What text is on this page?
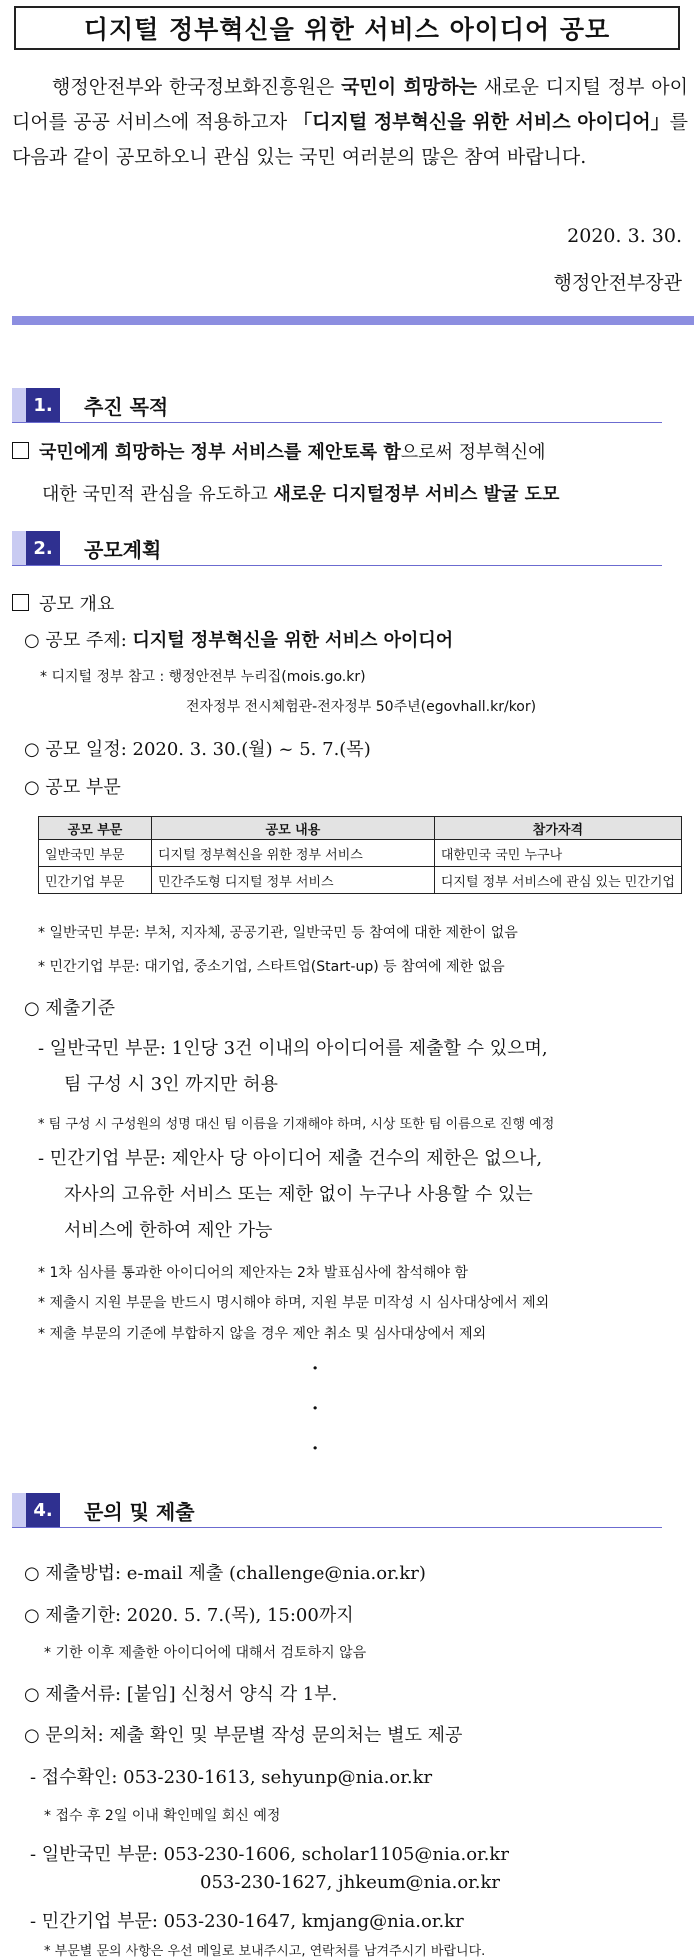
디지털 정부혁신을 위한 서비스 아이디어 공모

행정안전부와 한국정보화진흥원은 국민이 희망하는 새로운 디지털 정부 아이디어를 공공 서비스에 적용하고자 「디지털 정부혁신을 위한 서비스 아이디어」를 다음과 같이 공모하오니 관심 있는 국민 여러분의 많은 참여 바랍니다.

2020. 3. 30.
행정안전부장관
1.	추진 목적
국민에게 희망하는 정부 서비스를 제안토록 함으로써 정부혁신에
대한 국민적 관심을 유도하고 새로운 디지털정부 서비스 발굴 도모
2.	공모계획
공모 개요
○ 공모 주제: 디지털 정부혁신을 위한 서비스 아이디어
* 디지털 정부 참고 : 행정안전부 누리집(mois.go.kr)
전자정부 전시체험관-전자정부 50주년(egovhall.kr/kor)
○ 공모 일정: 2020. 3. 30.(월) ~ 5. 7.(목)
○ 공모 부문
공모 부문	공모 내용	참가자격
일반국민 부문	디지털 정부혁신을 위한 정부 서비스	대한민국 국민 누구나
민간기업 부문	민간주도형 디지털 정부 서비스	디지털 정부 서비스에 관심 있는 민간기업
* 일반국민 부문: 부처, 지자체, 공공기관, 일반국민 등 참여에 대한 제한이 없음
* 민간기업 부문: 대기업, 중소기업, 스타트업(Start-up) 등 참여에 제한 없음
○ 제출기준
- 일반국민 부문: 1인당 3건 이내의 아이디어를 제출할 수 있으며,
팀 구성 시 3인 까지만 허용
* 팀 구성 시 구성원의 성명 대신 팀 이름을 기재해야 하며, 시상 또한 팀 이름으로 진행 예정
- 민간기업 부문: 제안사 당 아이디어 제출 건수의 제한은 없으나,
자사의 고유한 서비스 또는 제한 없이 누구나 사용할 수 있는
서비스에 한하여 제안 가능
* 1차 심사를 통과한 아이디어의 제안자는 2차 발표심사에 참석해야 함
* 제출시 지원 부문을 반드시 명시해야 하며, 지원 부문 미작성 시 심사대상에서 제외
* 제출 부문의 기준에 부합하지 않을 경우 제안 취소 및 심사대상에서 제외
·
·
·
4.	문의 및 제출
○ 제출방법: e-mail 제출 (challenge@nia.or.kr)
○ 제출기한: 2020. 5. 7.(목), 15:00까지
* 기한 이후 제출한 아이디어에 대해서 검토하지 않음
○ 제출서류: [붙임] 신청서 양식 각 1부.
○ 문의처: 제출 확인 및 부문별 작성 문의처는 별도 제공
- 접수확인: 053-230-1613, sehyunp@nia.or.kr
* 접수 후 2일 이내 확인메일 회신 예정
- 일반국민 부문: 053-230-1606, scholar1105@nia.or.kr
053-230-1627, jhkeum@nia.or.kr
- 민간기업 부문: 053-230-1647, kmjang@nia.or.kr
* 부문별 문의 사항은 우선 메일로 보내주시고, 연락처를 남겨주시기 바랍니다.
